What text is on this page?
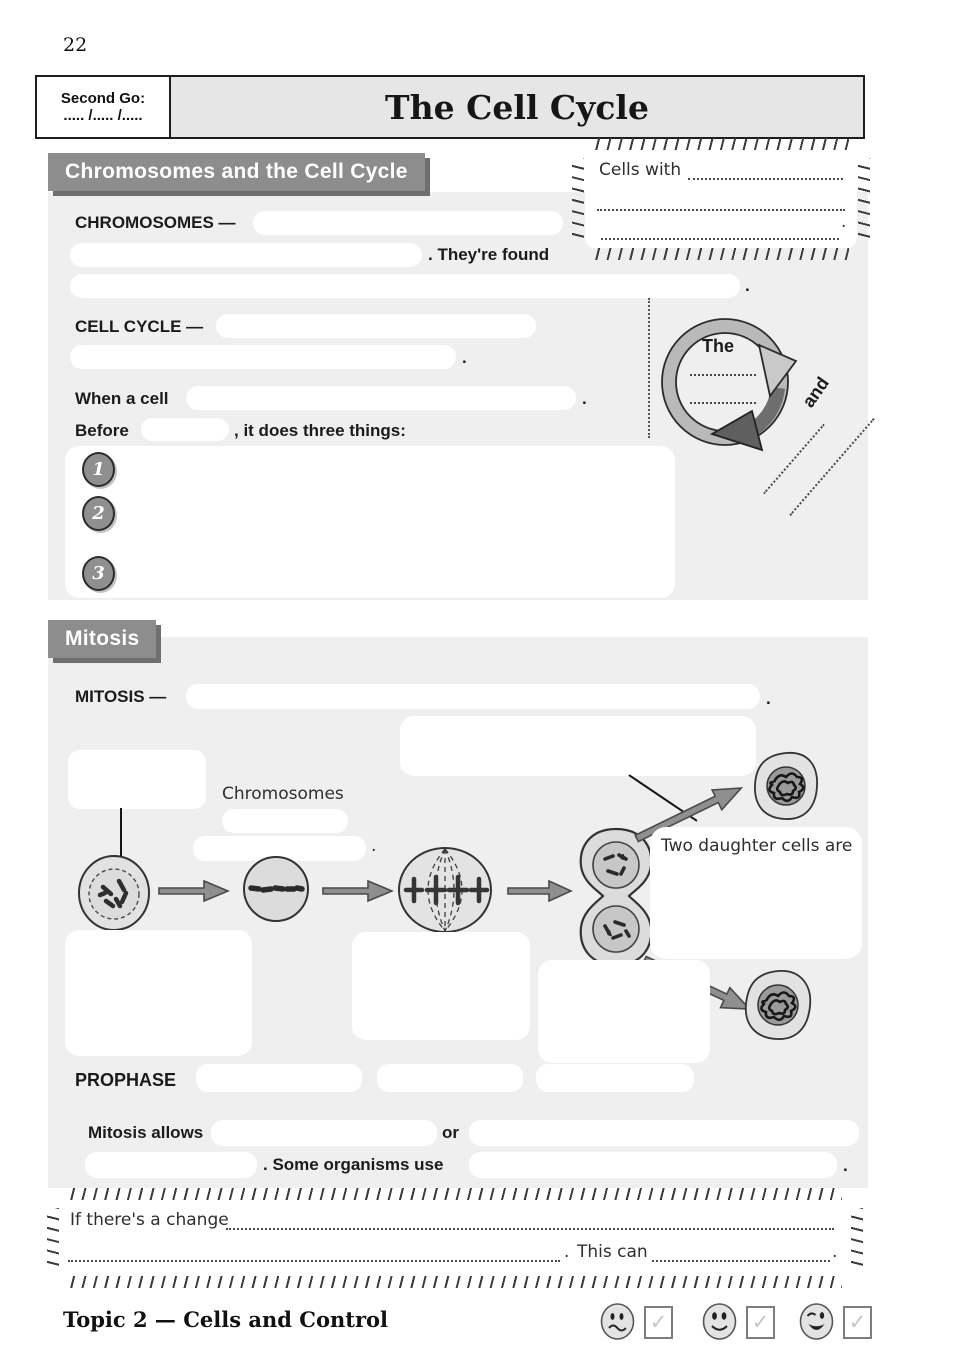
22
Second Go:
..... /..... /.....	The Cell Cycle
Chromosomes and the Cell Cycle	Cells with
.
CHROMOSOMES —
. They're found
.
CELL CYCLE —
.
When a cell	.
Before	, it does three things:
1
2
3
The
and
Mitosis
MITOSIS —	.
Chromosomes
.	Two daughter cells are
PROPHASE
Mitosis allows	or
. Some organisms use	.
If there's a change
. This can	.
Topic 2 — Cells and Control	✓	✓	✓
